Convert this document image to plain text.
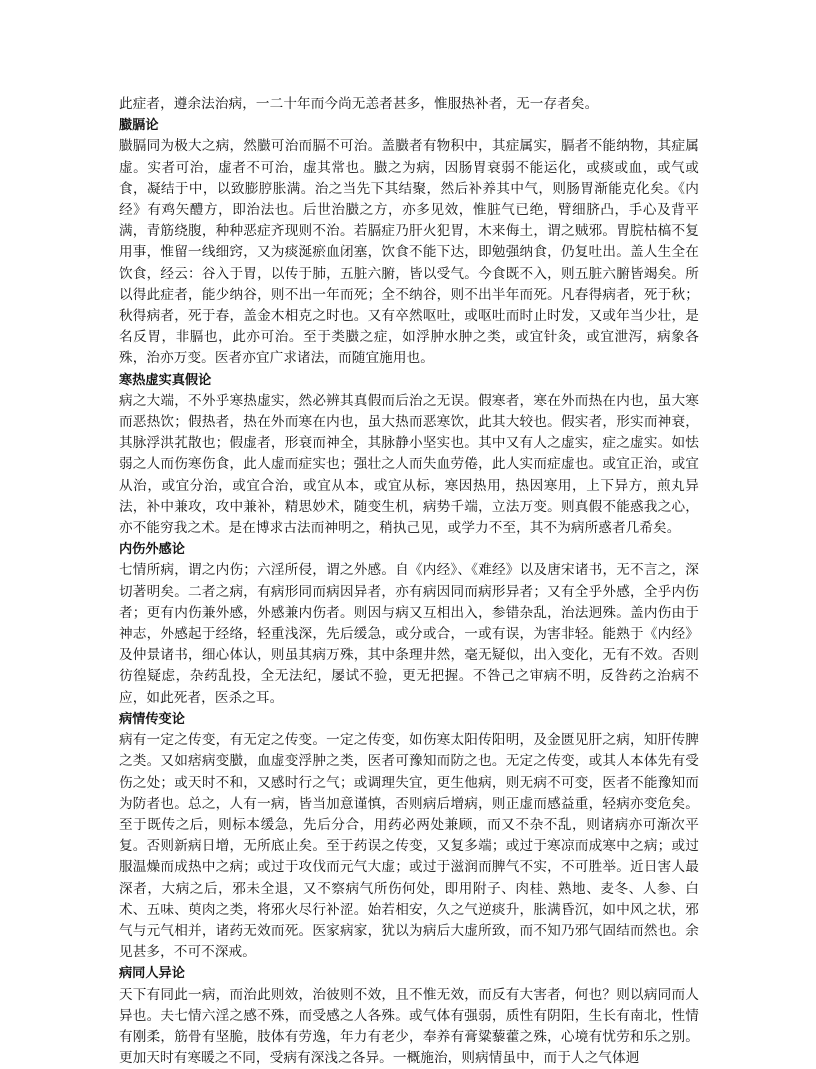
此症者，遵余法治病，一二十年而今尚无恙者甚多，惟服热补者，无一存者矣。

臌膈论

臌膈同为极大之病，然臌可治而膈不可治。盖臌者有物积中，其症属实，膈者不能纳物，其症属虚。实者可治，虚者不可治，虚其常也。臌之为病，因肠胃衰弱不能运化，或痰或血，或气或食，凝结于中，以致膨脝胀满。治之当先下其结聚，然后补养其中气，则肠胃渐能克化矣。《内经》有鸡矢醴方，即治法也。后世治臌之方，亦多见效，惟脏气已绝，臂细脐凸，手心及背平满，青筋绕腹，种种恶症齐现则不治。若膈症乃肝火犯胃，木来侮土，谓之贼邪。胃脘枯槁不复用事，惟留一线细窍，又为痰涎瘀血闭塞，饮食不能下达，即勉强纳食，仍复吐出。盖人生全在饮食，经云：谷入于胃，以传于肺，五脏六腑，皆以受气。今食既不入，则五脏六腑皆竭矣。所以得此症者，能少纳谷，则不出一年而死；全不纳谷，则不出半年而死。凡春得病者，死于秋；秋得病者，死于春，盖金木相克之时也。又有卒然呕吐，或呕吐而时止时发，又或年当少壮，是名反胃，非膈也，此亦可治。至于类臌之症，如浮肿水肿之类，或宜针灸，或宜泄泻，病象各殊，治亦万变。医者亦宜广求诸法，而随宜施用也。

寒热虚实真假论

病之大端，不外乎寒热虚实，然必辨其真假而后治之无误。假寒者，寒在外而热在内也，虽大寒而恶热饮；假热者，热在外而寒在内也，虽大热而恶寒饮，此其大较也。假实者，形实而神衰，其脉浮洪芤散也；假虚者，形衰而神全，其脉静小坚实也。其中又有人之虚实，症之虚实。如怯弱之人而伤寒伤食，此人虚而症实也；强壮之人而失血劳倦，此人实而症虚也。或宜正治，或宜从治，或宜分治，或宜合治，或宜从本，或宜从标，寒因热用，热因寒用，上下异方，煎丸异法，补中兼攻，攻中兼补，精思妙术，随变生机，病势千端，立法万变。则真假不能惑我之心，亦不能穷我之术。是在博求古法而神明之，稍执己见，或学力不至，其不为病所惑者几希矣。

内伤外感论

七情所病，谓之内伤；六淫所侵，谓之外感。自《内经》、《难经》以及唐宋诸书，无不言之，深切著明矣。二者之病，有病形同而病因异者，亦有病因同而病形异者；又有全乎外感，全乎内伤者；更有内伤兼外感，外感兼内伤者。则因与病又互相出入，参错杂乱，治法迥殊。盖内伤由于神志，外感起于经络，轻重浅深，先后缓急，或分或合，一或有误，为害非轻。能熟于《内经》及仲景诸书，细心体认，则虽其病万殊，其中条理井然，毫无疑似，出入变化，无有不效。否则彷徨疑虑，杂药乱投，全无法纪，屡试不验，更无把握。不咎己之审病不明，反咎药之治病不应，如此死者，医杀之耳。

病情传变论

病有一定之传变，有无定之传变。一定之传变，如伤寒太阳传阳明，及金匮见肝之病，知肝传脾之类。又如痞病变臌，血虚变浮肿之类，医者可豫知而防之也。无定之传变，或其人本体先有受伤之处；或天时不和，又感时行之气；或调理失宜，更生他病，则无病不可变，医者不能豫知而为防者也。总之，人有一病，皆当加意谨慎，否则病后增病，则正虚而感益重，轻病亦变危矣。至于既传之后，则标本缓急，先后分合，用药必两处兼顾，而又不杂不乱，则诸病亦可渐次平复。否则新病日增，无所底止矣。至于药误之传变，又复多端；或过于寒凉而成寒中之病；或过服温燥而成热中之病；或过于攻伐而元气大虚；或过于滋润而脾气不实，不可胜举。近日害人最深者，大病之后，邪未全退，又不察病气所伤何处，即用附子、肉桂、熟地、麦冬、人参、白术、五味、萸肉之类，将邪火尽行补涩。始若相安，久之气逆痰升，胀满昏沉，如中风之状，邪气与元气相并，诸药无效而死。医家病家，犹以为病后大虚所致，而不知乃邪气固结而然也。余见甚多，不可不深戒。

病同人异论

天下有同此一病，而治此则效，治彼则不效，且不惟无效，而反有大害者，何也？则以病同而人异也。夫七情六淫之感不殊，而受感之人各殊。或气体有强弱，质性有阴阳，生长有南北，性情有刚柔，筋骨有坚脆，肢体有劳逸，年力有老少，奉养有膏粱藜藿之殊，心境有忧劳和乐之别。更加天时有寒暖之不同，受病有深浅之各异。一概施治，则病情虽中，而于人之气体迥
